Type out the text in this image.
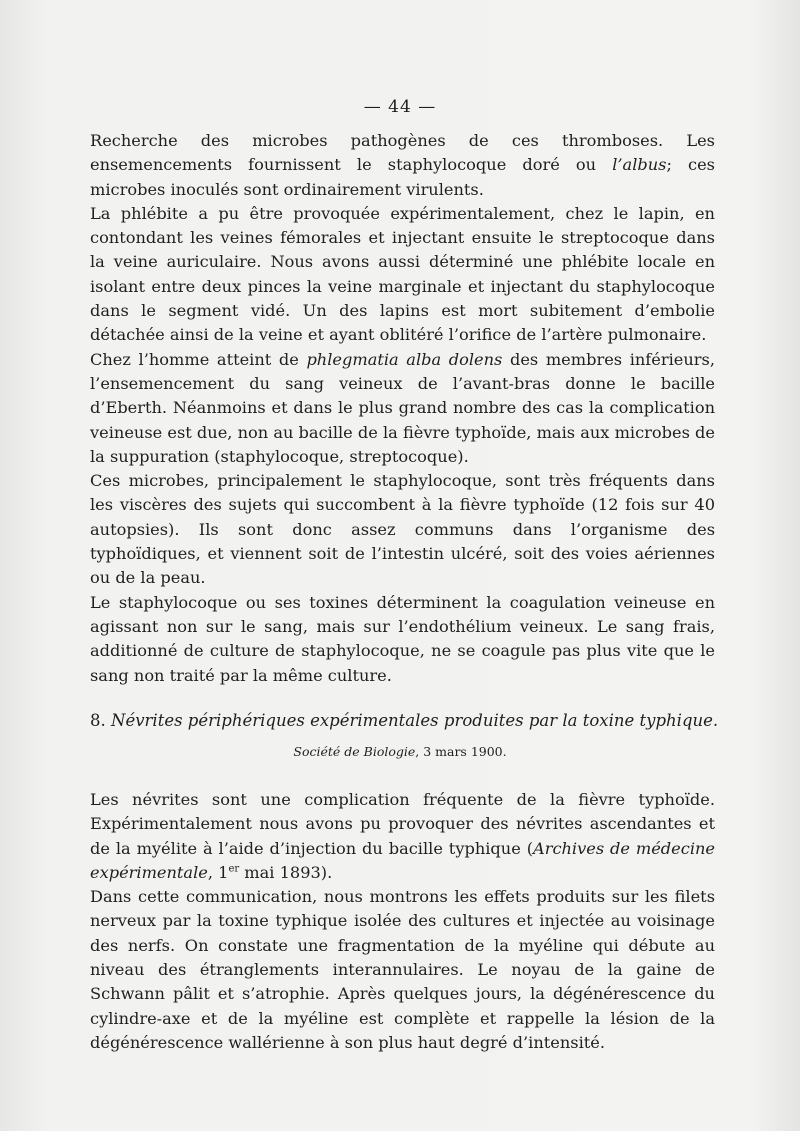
— 44 —

Recherche des microbes pathogènes de ces thromboses. Les ensemencements fournissent le staphylocoque doré ou l’albus; ces microbes inoculés sont ordinairement virulents.

La phlébite a pu être provoquée expérimentalement, chez le lapin, en contondant les veines fémorales et injectant ensuite le streptocoque dans la veine auriculaire. Nous avons aussi déterminé une phlébite locale en isolant entre deux pinces la veine marginale et injectant du staphylocoque dans le segment vidé. Un des lapins est mort subitement d’embolie détachée ainsi de la veine et ayant oblitéré l’orifice de l’artère pulmonaire.

Chez l’homme atteint de phlegmatia alba dolens des membres inférieurs, l’ensemencement du sang veineux de l’avant-bras donne le bacille d’Eberth. Néanmoins et dans le plus grand nombre des cas la complication veineuse est due, non au bacille de la fièvre typhoïde, mais aux microbes de la suppuration (staphylocoque, streptocoque).

Ces microbes, principalement le staphylocoque, sont très fréquents dans les viscères des sujets qui succombent à la fièvre typhoïde (12 fois sur 40 autopsies). Ils sont donc assez communs dans l’organisme des typhoïdiques, et viennent soit de l’intestin ulcéré, soit des voies aériennes ou de la peau.

Le staphylocoque ou ses toxines déterminent la coagulation veineuse en agissant non sur le sang, mais sur l’endothélium veineux. Le sang frais, additionné de culture de staphylocoque, ne se coagule pas plus vite que le sang non traité par la même culture.

8. Névrites périphériques expérimentales produites par la toxine typhique.
Société de Biologie, 3 mars 1900.

Les névrites sont une complication fréquente de la fièvre typhoïde. Expérimentalement nous avons pu provoquer des névrites ascendantes et de la myélite à l’aide d’injection du bacille typhique (Archives de médecine expérimentale, 1er mai 1893).

Dans cette communication, nous montrons les effets produits sur les filets nerveux par la toxine typhique isolée des cultures et injectée au voisinage des nerfs. On constate une fragmentation de la myéline qui débute au niveau des étranglements interannulaires. Le noyau de la gaine de Schwann pâlit et s’atrophie. Après quelques jours, la dégénérescence du cylindre-axe et de la myéline est complète et rappelle la lésion de la dégénérescence wallérienne à son plus haut degré d’intensité.
